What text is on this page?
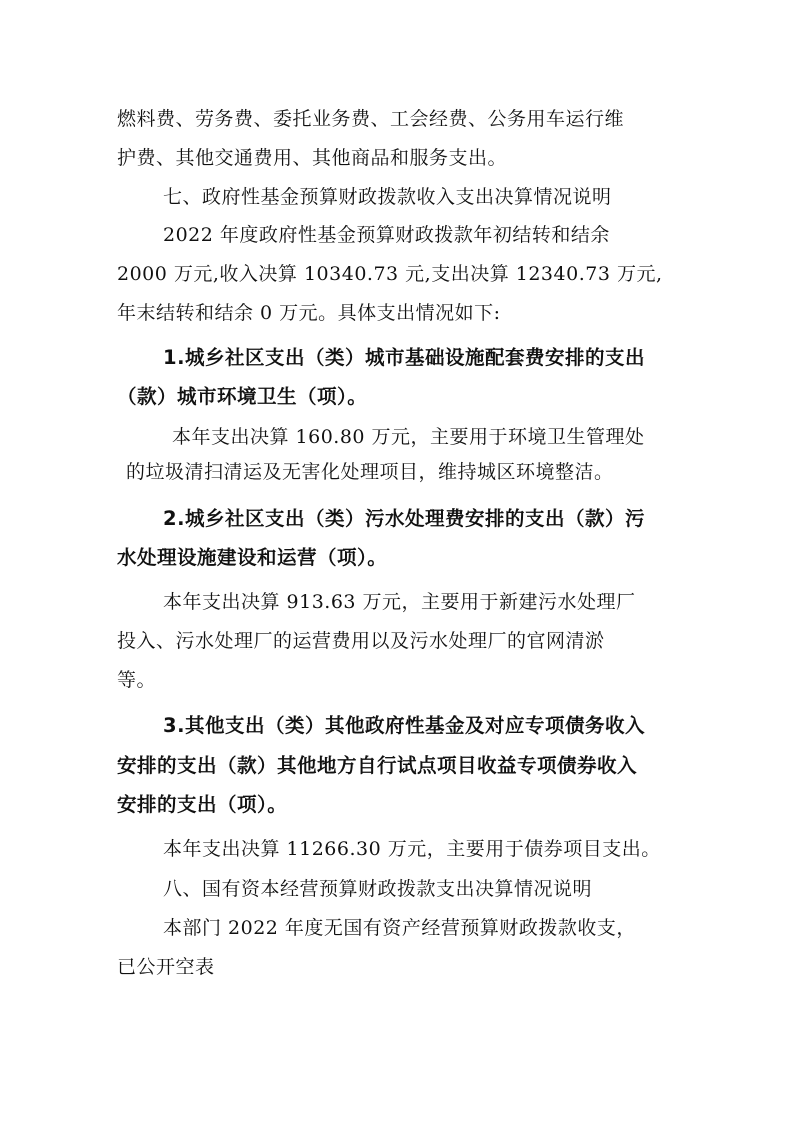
燃料费、劳务费、委托业务费、工会经费、公务用车运行维
护费、其他交通费用、其他商品和服务支出。
七、政府性基金预算财政拨款收入支出决算情况说明
2022 年度政府性基金预算财政拨款年初结转和结余
2000 万元,收入决算 10340.73 元,支出决算 12340.73 万元,
年末结转和结余 0 万元。具体支出情况如下:
1.城乡社区支出（类）城市基础设施配套费安排的支出
（款）城市环境卫生（项）。
本年支出决算 160.80 万元，主要用于环境卫生管理处
的垃圾清扫清运及无害化处理项目，维持城区环境整洁。
2.城乡社区支出（类）污水处理费安排的支出（款）污
水处理设施建设和运营（项）。
本年支出决算 913.63 万元，主要用于新建污水处理厂
投入、污水处理厂的运营费用以及污水处理厂的官网清淤
等。
3.其他支出（类）其他政府性基金及对应专项债务收入
安排的支出（款）其他地方自行试点项目收益专项债券收入
安排的支出（项）。
本年支出决算 11266.30 万元，主要用于债券项目支出。
八、国有资本经营预算财政拨款支出决算情况说明
本部门 2022 年度无国有资产经营预算财政拨款收支，
已公开空表
